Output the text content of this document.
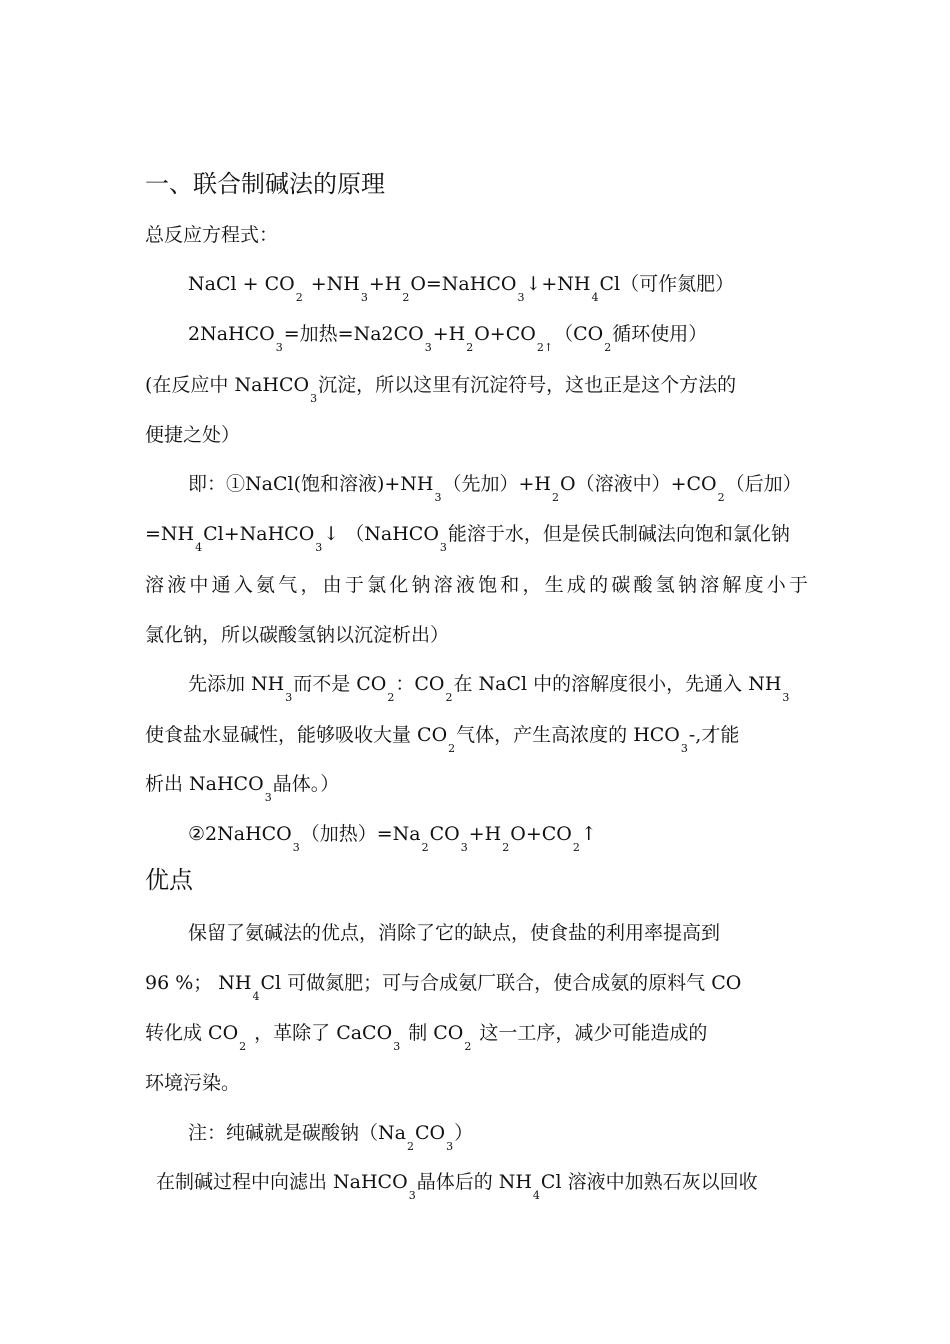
一、联合制碱法的原理
总反应方程式：
NaCl + $CO_2+NH_3+H_2O=NaHCO_3↓+NH_4Cl$（可作氮肥）
2NaHCO$_3$=加热$=Na2CO_3+H_2O+CO_{2↑}(CO_2$循环使用）
(在反应中 NaHCO$_3$沉淀，所以这里有沉淀符号，这也正是这个方法的
便捷之处）
即：①NaCl(饱和溶液)$+NH_3$（先加）$+H_2O$（溶液中）$+CO_2$（后加）
$=NH_4Cl+NaHCO_3↓$ （NaHCO$_3$能溶于水，但是侯氏制碱法向饱和氯化钠
溶液中通入氨气，由于氯化钠溶液饱和，生成的碳酸氢钠溶解度小于
氯化钠，所以碳酸氢钠以沉淀析出）
先添加 $NH_3$而不是 $CO_2$：$CO_2$在 NaCl 中的溶解度很小，先通入 $NH_3$
使食盐水显碱性，能够吸收大量 $CO_2$气体，产生高浓度的 $HCO_3-$,才能
析出 NaHCO$_3$晶体。）
②2NaHCO$_3$（加热）$=Na_2CO_3+H_2O+CO_2↑$
优点
保留了氨碱法的优点，消除了它的缺点，使食盐的利用率提高到
96 %； $NH_4Cl$ 可做氮肥；可与合成氨厂联合，使合成氨的原料气 CO
转化成 $CO_2$，革除了 CaCO$_3$制 $CO_2$这一工序，减少可能造成的
环境污染。
注：纯碱就是碳酸钠$(Na_2CO_3)$
在制碱过程中向滤出 NaHCO$_3$晶体后的 $NH_4Cl$ 溶液中加熟石灰以回收
